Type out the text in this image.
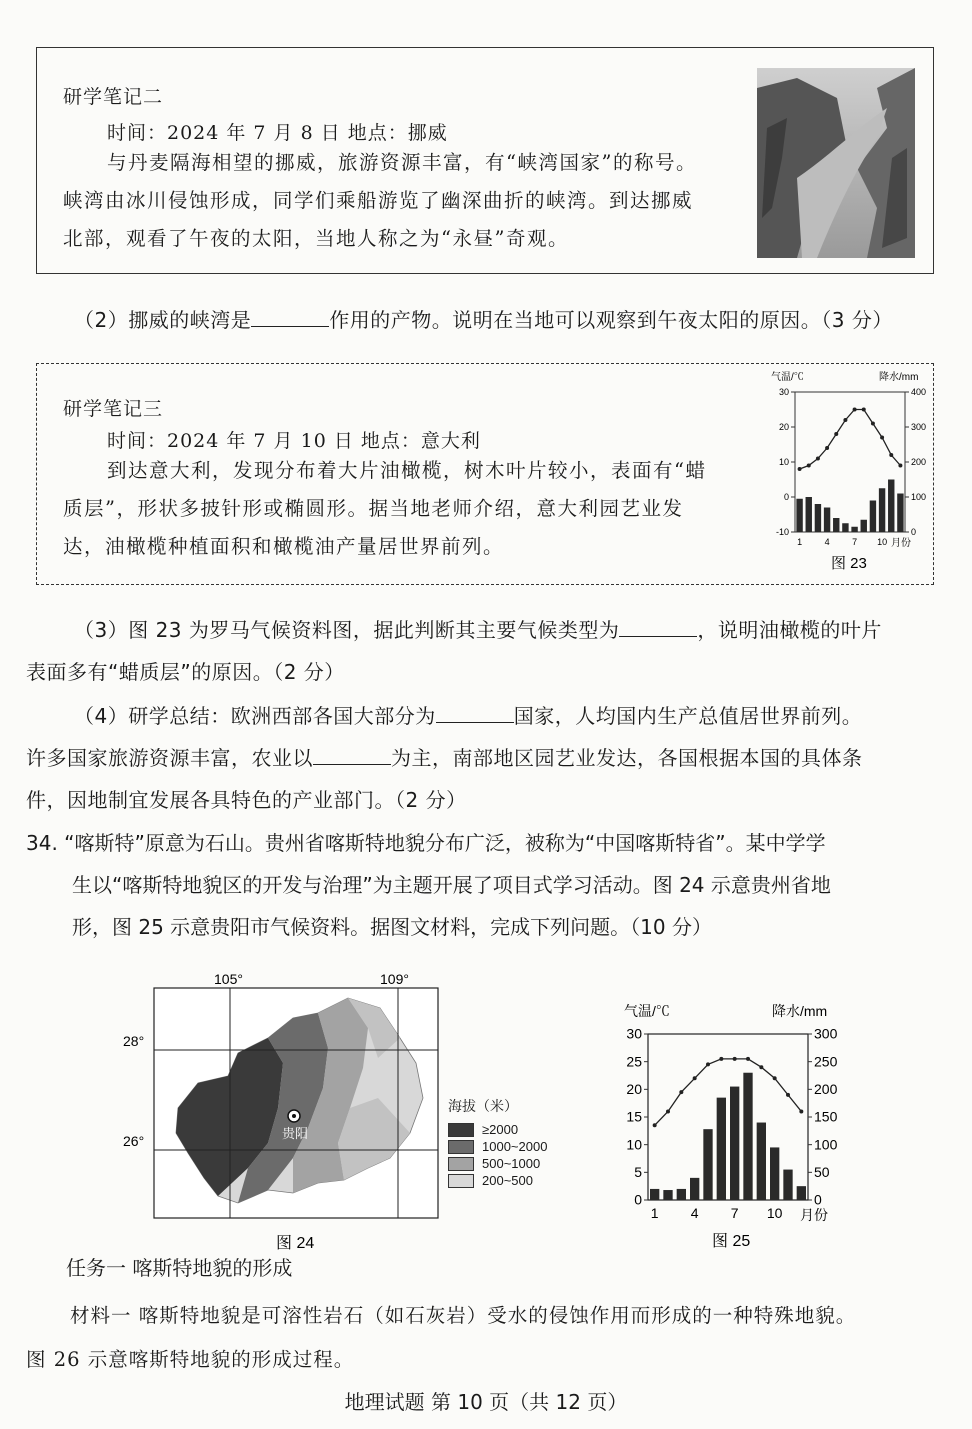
研学笔记二
时间：2024 年 7 月 8 日 地点：挪威
与丹麦隔海相望的挪威，旅游资源丰富，有“峡湾国家”的称号。
峡湾由冰川侵蚀形成，同学们乘船游览了幽深曲折的峡湾。到达挪威
北部，观看了午夜的太阳，当地人称之为“永昼”奇观。
（2）挪威的峡湾是	作用的产物。说明在当地可以观察到午夜太阳的原因。（3 分）
研学笔记三
时间：2024 年 7 月 10 日 地点：意大利
到达意大利，发现分布着大片油橄榄，树木叶片较小，表面有“蜡
质层”，形状多披针形或椭圆形。据当地老师介绍，意大利园艺业发
达，油橄榄种植面积和橄榄油产量居世界前列。
气温/℃	降水/mm
30
20
10
0
-10
400
300
200
100
0
1 4 7 10 月份
图 23
（3）图 23 为罗马气候资料图，据此判断其主要气候类型为	，说明油橄榄的叶片
表面多有“蜡质层”的原因。（2 分）
（4）研学总结：欧洲西部各国大部分为	国家，人均国内生产总值居世界前列。
许多国家旅游资源丰富，农业以	为主，南部地区园艺业发达，各国根据本国的具体条
件，因地制宜发展各具特色的产业部门。（2 分）
34. “喀斯特”原意为石山。贵州省喀斯特地貌分布广泛，被称为“中国喀斯特省”。某中学学
生以“喀斯特地貌区的开发与治理”为主题开展了项目式学习活动。图 24 示意贵州省地
形，图 25 示意贵阳市气候资料。据图文材料，完成下列问题。（10 分）
105°	109°
28°
26°	贵阳
图 24
海拔（米）
≥2000
1000~2000
500~1000
200~500
气温/℃	降水/mm
30
25
20
15
10
5
0
300
250
200
150
100
50
0
1 4 7 10 月份
图 25
任务一 喀斯特地貌的形成
材料一 喀斯特地貌是可溶性岩石（如石灰岩）受水的侵蚀作用而形成的一种特殊地貌。
图 26 示意喀斯特地貌的形成过程。
地理试题 第 10 页（共 12 页）
